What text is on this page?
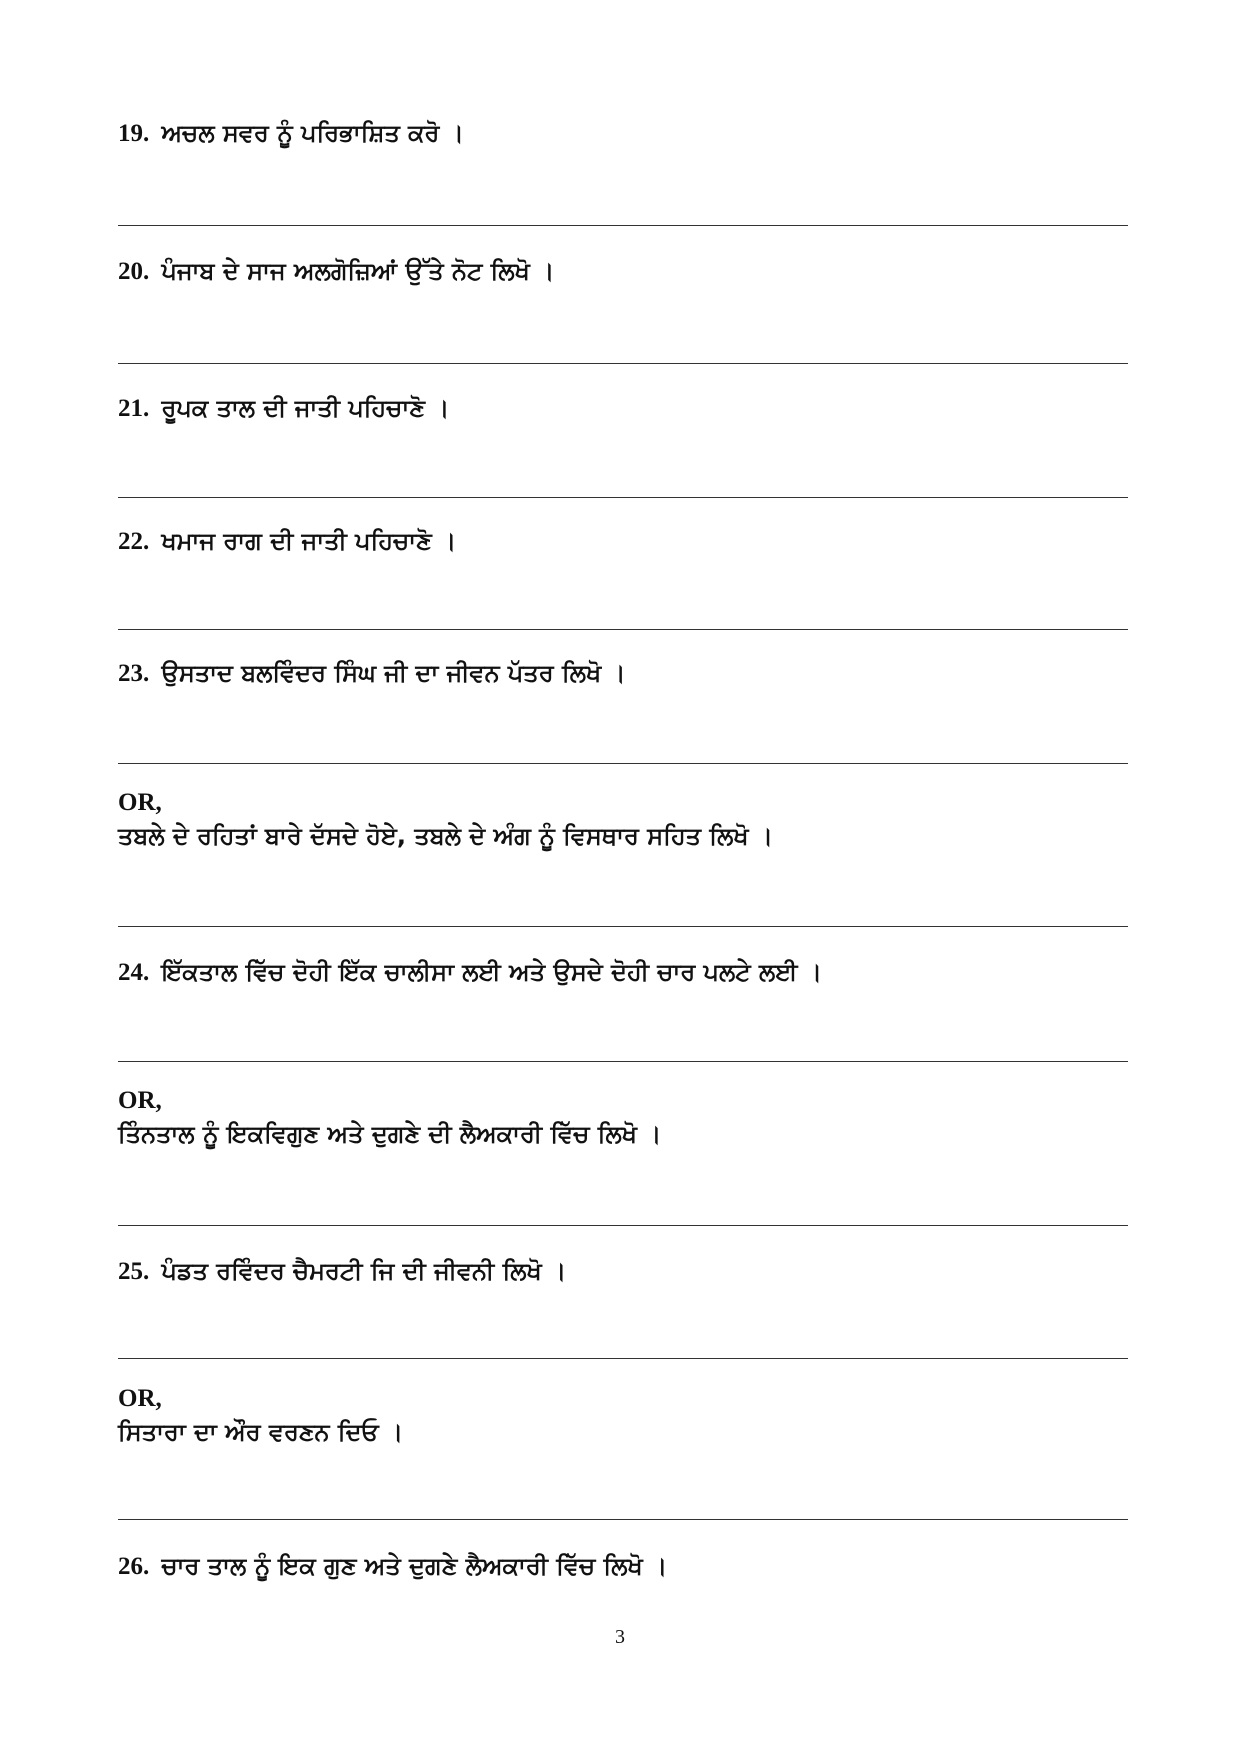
19. ਅਚਲ ਸਵਰ ਨੂੰ ਪਰਿਭਾਸ਼ਿਤ ਕਰੋ ।
20. ਪੰਜਾਬ ਦੇ ਸਾਜ ਅਲਗੋਜ਼ਿਆਂ ਉੱਤੇ ਨੋਟ ਲਿਖੋ ।
21. ਰੂਪਕ ਤਾਲ ਦੀ ਜਾਤੀ ਪਹਿਚਾਣੋ ।
22. ਖਮਾਜ ਰਾਗ ਦੀ ਜਾਤੀ ਪਹਿਚਾਣੋ ।
23. ਉਸਤਾਦ ਬਲਵਿੰਦਰ ਸਿੰਘ ਜੀ ਦਾ ਜੀਵਨ ਪੱਤਰ ਲਿਖੋ ।
OR,
ਤਬਲੇ ਦੇ ਰਹਿਤਾਂ ਬਾਰੇ ਦੱਸਦੇ ਹੋਏ, ਤਬਲੇ ਦੇ ਅੰਗ ਨੂੰ ਵਿਸਥਾਰ ਸਹਿਤ ਲਿਖੋ ।
24. ਇੱਕਤਾਲ ਵਿੱਚ ਦੋਹੀ ਇੱਕ ਚਾਲੀਸਾ ਲਈ ਅਤੇ ਉਸਦੇ ਦੋਹੀ ਚਾਰ ਪਲਟੇ ਲਈ ।
OR,
ਤਿੰਨਤਾਲ ਨੂੰ ਇਕਵਿਗੁਣ ਅਤੇ ਦੁਗਣੇ ਦੀ ਲੈਅਕਾਰੀ ਵਿੱਚ ਲਿਖੋ ।
25. ਪੰਡਤ ਰਵਿੰਦਰ ਚੈਮਰਟੀ ਜਿ ਦੀ ਜੀਵਨੀ ਲਿਖੋ ।
OR,
ਸਿਤਾਰਾ ਦਾ ਔਰ ਵਰਣਨ ਦਿਓ ।
26. ਚਾਰ ਤਾਲ ਨੂੰ ਇਕ ਗੁਣ ਅਤੇ ਦੁਗਣੇ ਲੈਅਕਾਰੀ ਵਿੱਚ ਲਿਖੋ ।
3
